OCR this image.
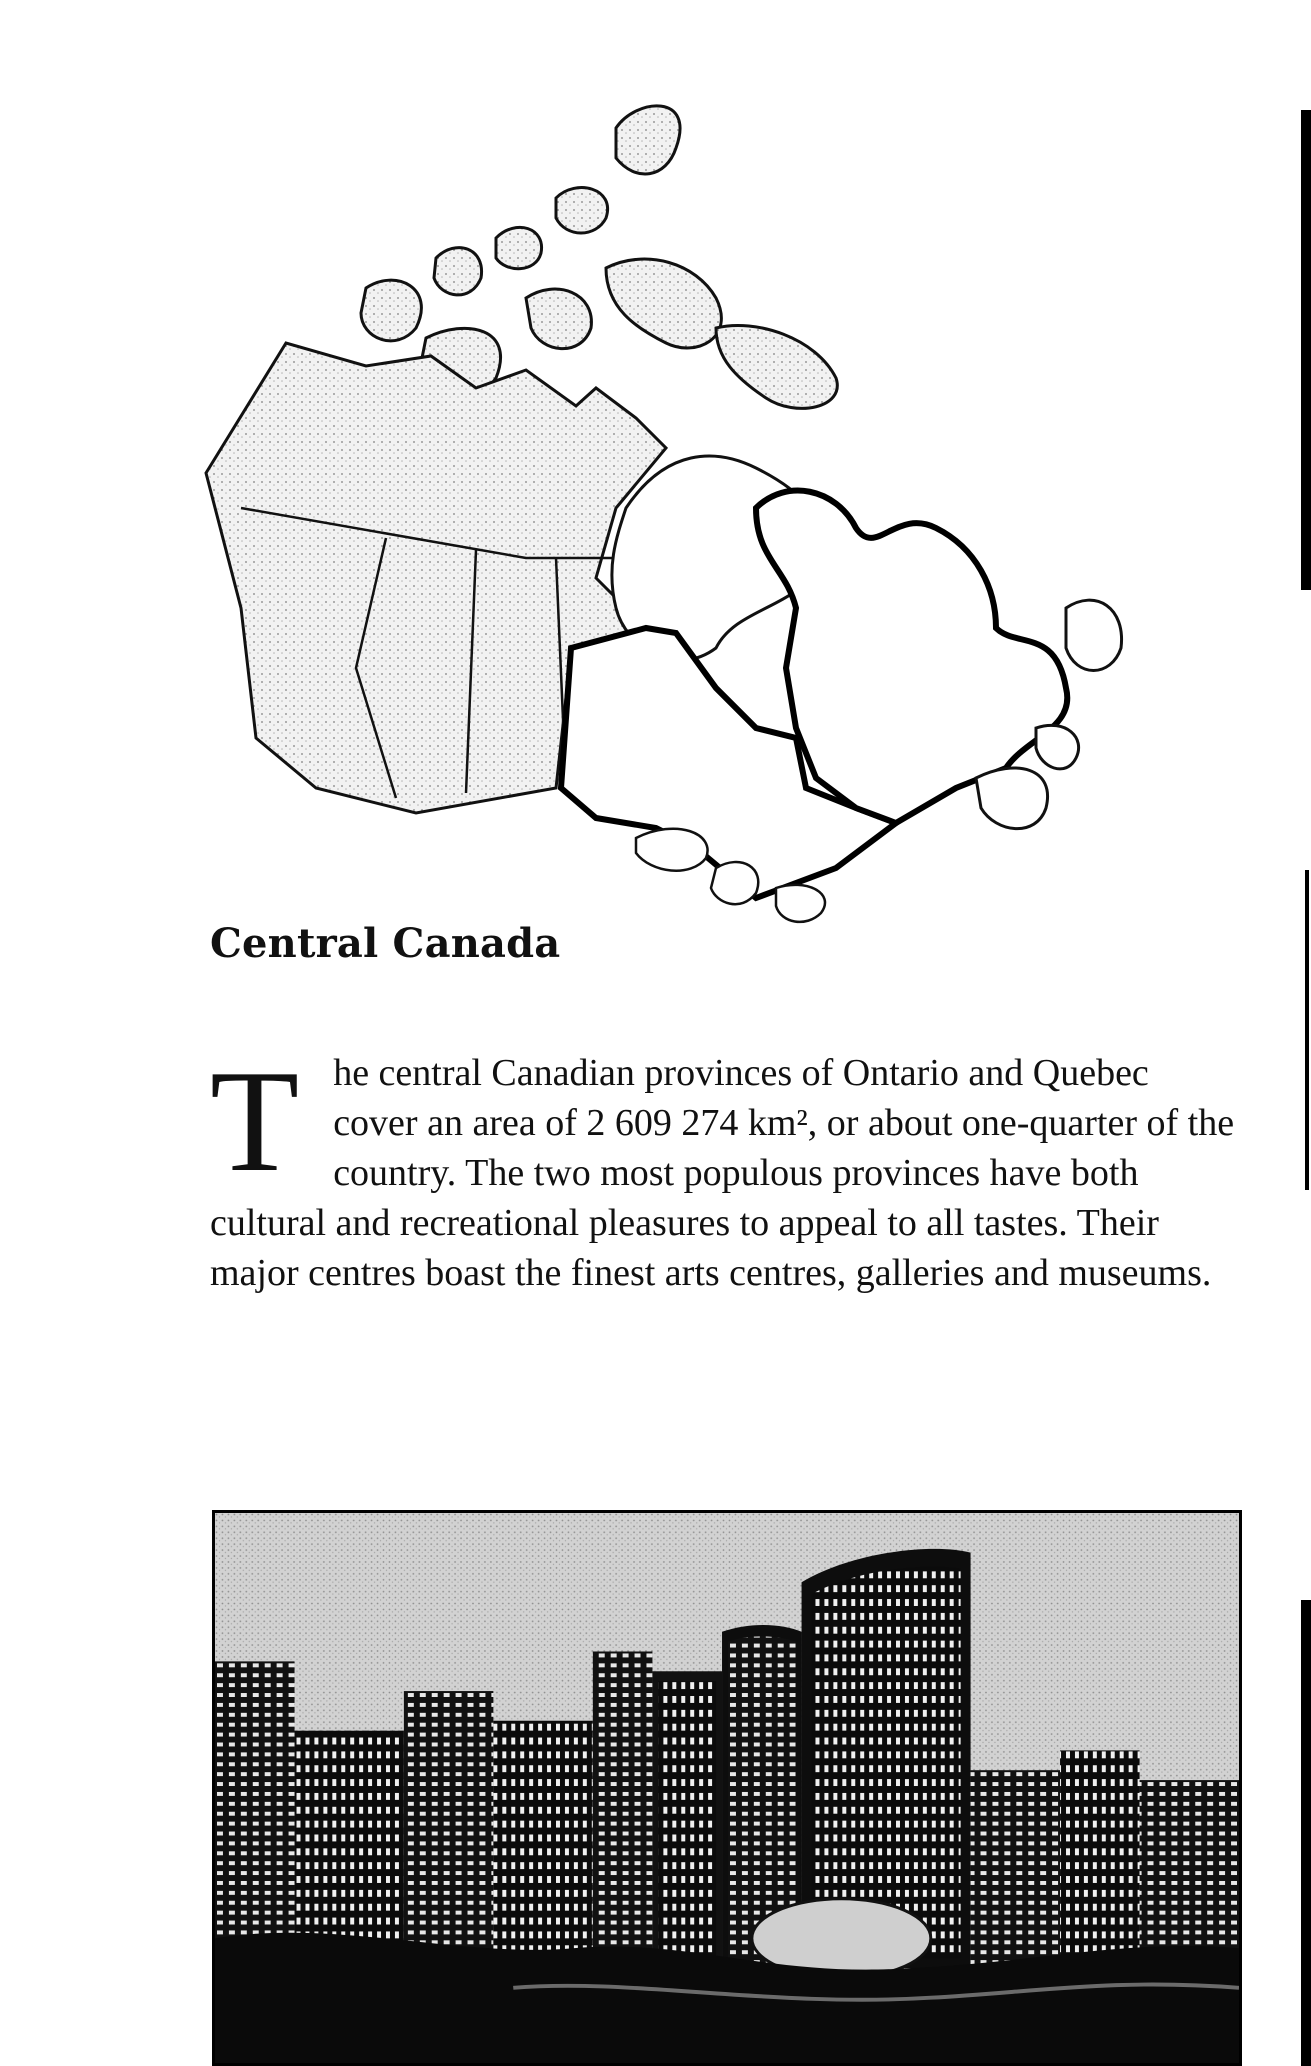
Central Canada

The central Canadian provinces of Ontario and Quebec cover an area of 2 609 274 km², or about one-quarter of the country. The two most populous provinces have both cultural and recreational pleasures to appeal to all tastes. Their major centres boast the finest arts centres, galleries and museums.
